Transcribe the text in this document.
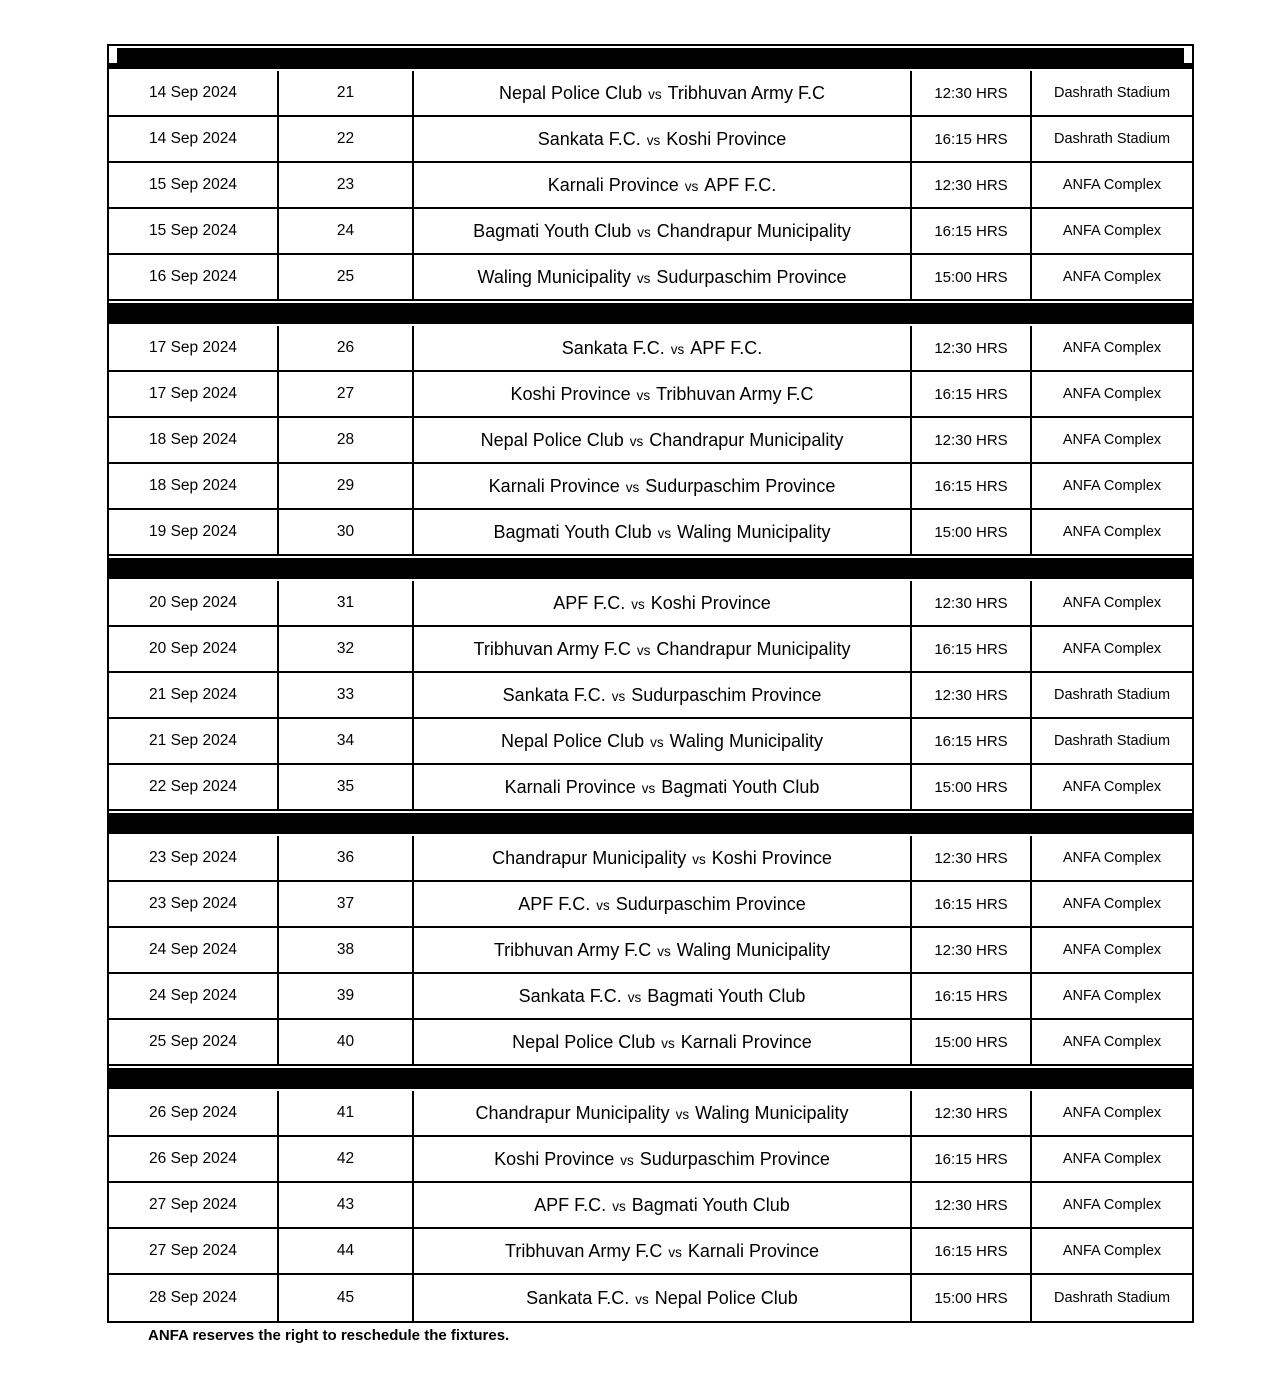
14 Sep 2024	21	Nepal Police Club vs Tribhuvan Army F.C	12:30 HRS	Dashrath Stadium
14 Sep 2024	22	Sankata F.C. vs Koshi Province	16:15 HRS	Dashrath Stadium
15 Sep 2024	23	Karnali Province vs APF F.C.	12:30 HRS	ANFA Complex
15 Sep 2024	24	Bagmati Youth Club vs Chandrapur Municipality	16:15 HRS	ANFA Complex
16 Sep 2024	25	Waling Municipality vs Sudurpaschim Province	15:00 HRS	ANFA Complex
17 Sep 2024	26	Sankata F.C. vs APF F.C.	12:30 HRS	ANFA Complex
17 Sep 2024	27	Koshi Province vs Tribhuvan Army F.C	16:15 HRS	ANFA Complex
18 Sep 2024	28	Nepal Police Club vs Chandrapur Municipality	12:30 HRS	ANFA Complex
18 Sep 2024	29	Karnali Province vs Sudurpaschim Province	16:15 HRS	ANFA Complex
19 Sep 2024	30	Bagmati Youth Club vs Waling Municipality	15:00 HRS	ANFA Complex
20 Sep 2024	31	APF F.C. vs Koshi Province	12:30 HRS	ANFA Complex
20 Sep 2024	32	Tribhuvan Army F.C vs Chandrapur Municipality	16:15 HRS	ANFA Complex
21 Sep 2024	33	Sankata F.C. vs Sudurpaschim Province	12:30 HRS	Dashrath Stadium
21 Sep 2024	34	Nepal Police Club vs Waling Municipality	16:15 HRS	Dashrath Stadium
22 Sep 2024	35	Karnali Province vs Bagmati Youth Club	15:00 HRS	ANFA Complex
23 Sep 2024	36	Chandrapur Municipality vs Koshi Province	12:30 HRS	ANFA Complex
23 Sep 2024	37	APF F.C. vs Sudurpaschim Province	16:15 HRS	ANFA Complex
24 Sep 2024	38	Tribhuvan Army F.C vs Waling Municipality	12:30 HRS	ANFA Complex
24 Sep 2024	39	Sankata F.C. vs Bagmati Youth Club	16:15 HRS	ANFA Complex
25 Sep 2024	40	Nepal Police Club vs Karnali Province	15:00 HRS	ANFA Complex
26 Sep 2024	41	Chandrapur Municipality vs Waling Municipality	12:30 HRS	ANFA Complex
26 Sep 2024	42	Koshi Province vs Sudurpaschim Province	16:15 HRS	ANFA Complex
27 Sep 2024	43	APF F.C. vs Bagmati Youth Club	12:30 HRS	ANFA Complex
27 Sep 2024	44	Tribhuvan Army F.C vs Karnali Province	16:15 HRS	ANFA Complex
28 Sep 2024	45	Sankata F.C. vs Nepal Police Club	15:00 HRS	Dashrath Stadium
ANFA reserves the right to reschedule the fixtures.
